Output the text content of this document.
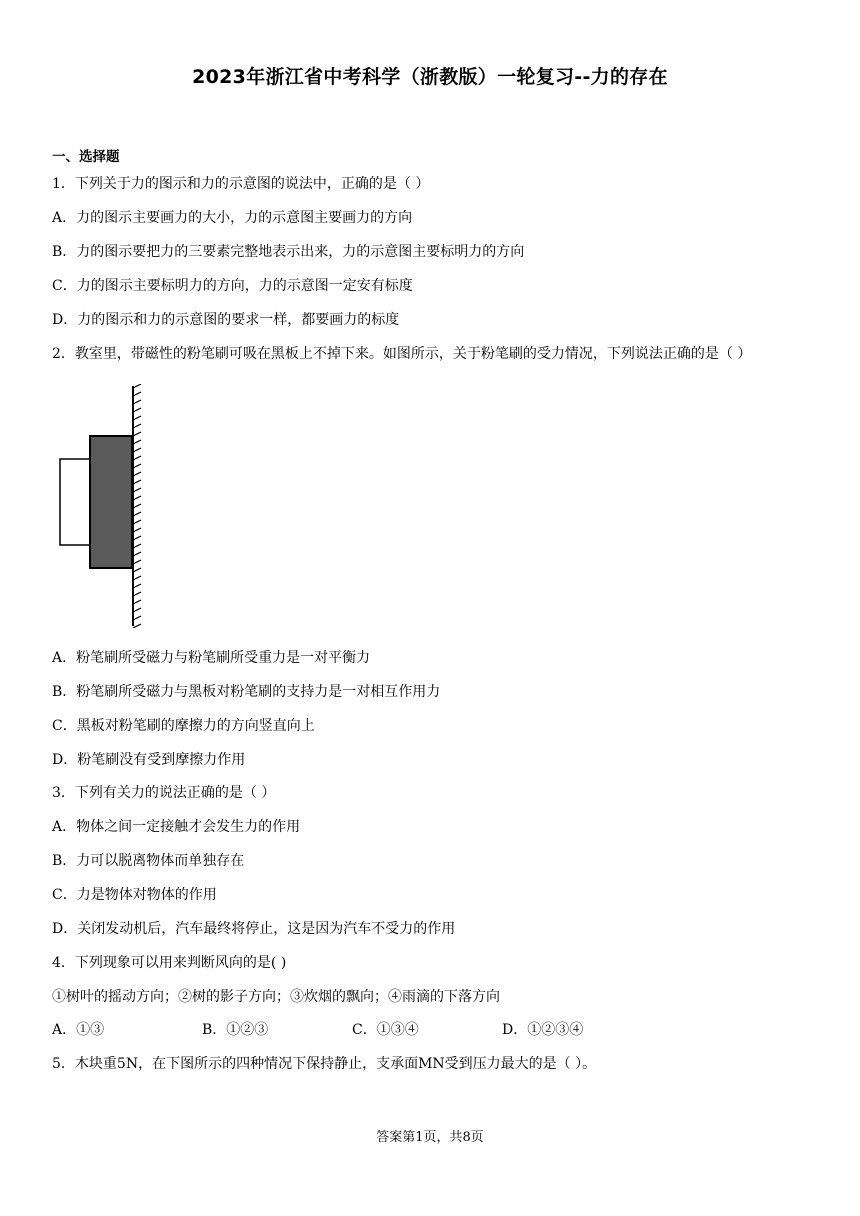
2023年浙江省中考科学（浙教版）一轮复习--力的存在
一、选择题
1．下列关于力的图示和力的示意图的说法中，正确的是（ ）
A．力的图示主要画力的大小，力的示意图主要画力的方向
B．力的图示要把力的三要素完整地表示出来，力的示意图主要标明力的方向
C．力的图示主要标明力的方向，力的示意图一定安有标度
D．力的图示和力的示意图的要求一样，都要画力的标度
2．教室里，带磁性的粉笔刷可吸在黑板上不掉下来。如图所示，关于粉笔刷的受力情况，下列说法正确的是（ ）
A．粉笔刷所受磁力与粉笔刷所受重力是一对平衡力
B．粉笔刷所受磁力与黑板对粉笔刷的支持力是一对相互作用力
C．黑板对粉笔刷的摩擦力的方向竖直向上
D．粉笔刷没有受到摩擦力作用
3．下列有关力的说法正确的是（ ）
A．物体之间一定接触才会发生力的作用
B．力可以脱离物体而单独存在
C．力是物体对物体的作用
D．关闭发动机后，汽车最终将停止，这是因为汽车不受力的作用
4．下列现象可以用来判断风向的是( )
①树叶的摇动方向；②树的影子方向；③炊烟的飘向；④雨滴的下落方向
A．①③	B．①②③	C．①③④	D．①②③④
5．木块重5N，在下图所示的四种情况下保持静止，支承面MN受到压力最大的是（ ）。
答案第1页，共8页
